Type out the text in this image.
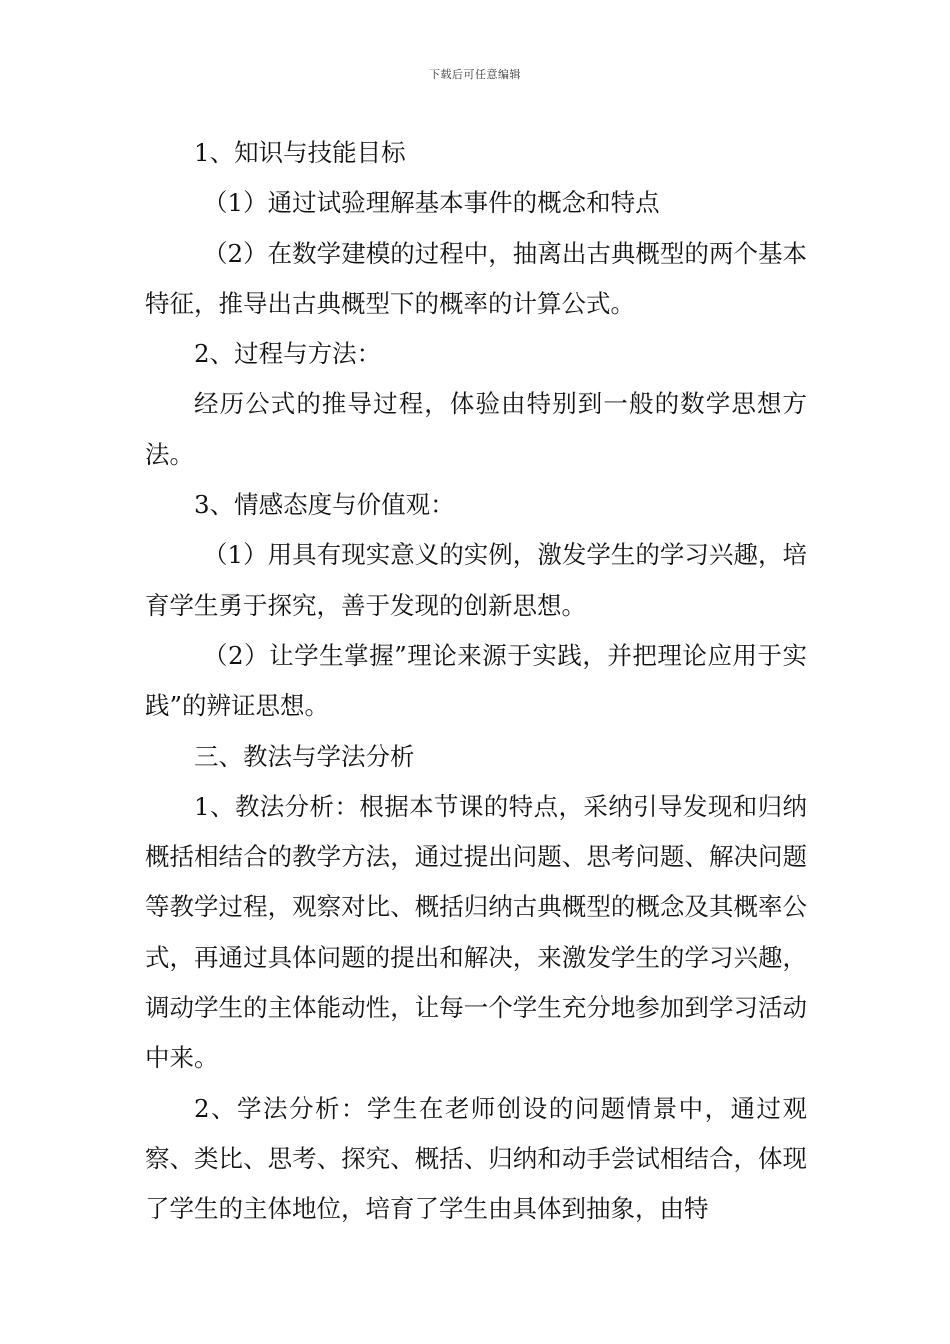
下载后可任意编辑

1、知识与技能目标

（1）通过试验理解基本事件的概念和特点

（2）在数学建模的过程中，抽离出古典概型的两个基本特征，推导出古典概型下的概率的计算公式。

2、过程与方法：

经历公式的推导过程，体验由特别到一般的数学思想方法。

3、情感态度与价值观：

（1）用具有现实意义的实例，激发学生的学习兴趣，培育学生勇于探究，善于发现的创新思想。

（2）让学生掌握”理论来源于实践，并把理论应用于实践”的辨证思想。

三、教法与学法分析

1、教法分析：根据本节课的特点，采纳引导发现和归纳概括相结合的教学方法，通过提出问题、思考问题、解决问题等教学过程，观察对比、概括归纳古典概型的概念及其概率公式，再通过具体问题的提出和解决，来激发学生的学习兴趣，调动学生的主体能动性，让每一个学生充分地参加到学习活动中来。

2、学法分析：学生在老师创设的问题情景中，通过观察、类比、思考、探究、概括、归纳和动手尝试相结合，体现了学生的主体地位，培育了学生由具体到抽象，由特
